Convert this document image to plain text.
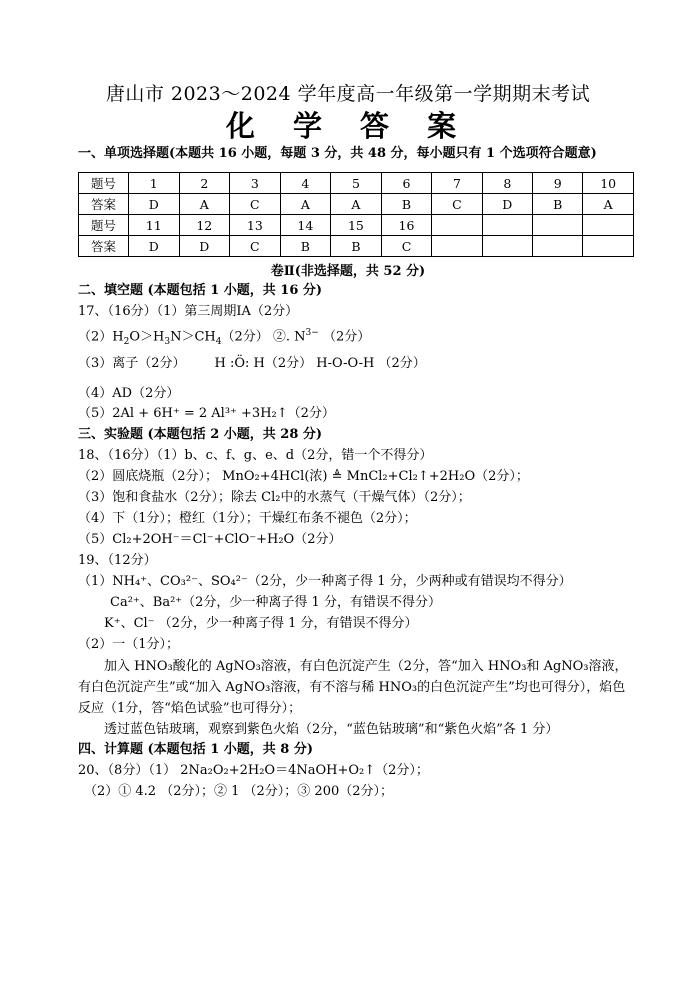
唐山市 2023～2024 学年度高一年级第一学期期末考试
化 学 答 案
一、单项选择题(本题共 16 小题，每题 3 分，共 48 分，每小题只有 1 个选项符合题意)
题号	1	2	3	4	5	6	7	8	9	10
答案	D	A	C	A	A	B	C	D	B	A
题号	11	12	13	14	15	16				
答案	D	D	C	B	B	C				
卷Ⅱ(非选择题，共 52 分)
二、填空题 (本题包括 1 小题，共 16 分)
17、（16分）（1）第三周期ⅠA（2分）
$(2)H_2O>H_3N>CH_4(2$分） ②. $N^{3-}$ （2分）
（3）离子（2分） H :Ö: H（2分） H-O-O-H （2分）
（4）AD（2分）
（5）2Al + 6H⁺ = 2 Al³⁺ +3H₂↑（2分）
三、实验题 (本题包括 2 小题，共 28 分)
18、（16分）（1）b、c、f、g、e、d（2分，错一个不得分）
（2）圆底烧瓶（2分）； MnO₂+4HCl(浓) ≜ MnCl₂+Cl₂↑+2H₂O（2分）；
（3）饱和食盐水（2分）；除去 Cl₂中的水蒸气（干燥气体）（2分）；
（4）下（1分）；橙红（1分）；干燥红布条不褪色（2分）；
（5）Cl₂+2OH⁻＝Cl⁻+ClO⁻+H₂O（2分）
19、（12分）
（1）NH₄⁺、CO₃²⁻、SO₄²⁻（2分，少一种离子得 1 分，少两种或有错误均不得分）
Ca²⁺、Ba²⁺（2分，少一种离子得 1 分，有错误不得分）
K⁺、Cl⁻ （2分，少一种离子得 1 分，有错误不得分）
（2）一（1分）；
加入 HNO₃酸化的 AgNO₃溶液，有白色沉淀产生（2分，答“加入 HNO₃和 AgNO₃溶液，有白色沉淀产生”或“加入 AgNO₃溶液，有不溶与稀 HNO₃的白色沉淀产生”均也可得分），焰色反应（1分，答“焰色试验”也可得分）；
透过蓝色钴玻璃，观察到紫色火焰（2分，“蓝色钴玻璃”和“紫色火焰”各 1 分）
四、计算题 (本题包括 1 小题，共 8 分)
20、（8分）（1） 2Na₂O₂+2H₂O＝4NaOH+O₂↑（2分）；
（2）① 4.2 （2分）；② 1 （2分）；③ 200（2分）；
